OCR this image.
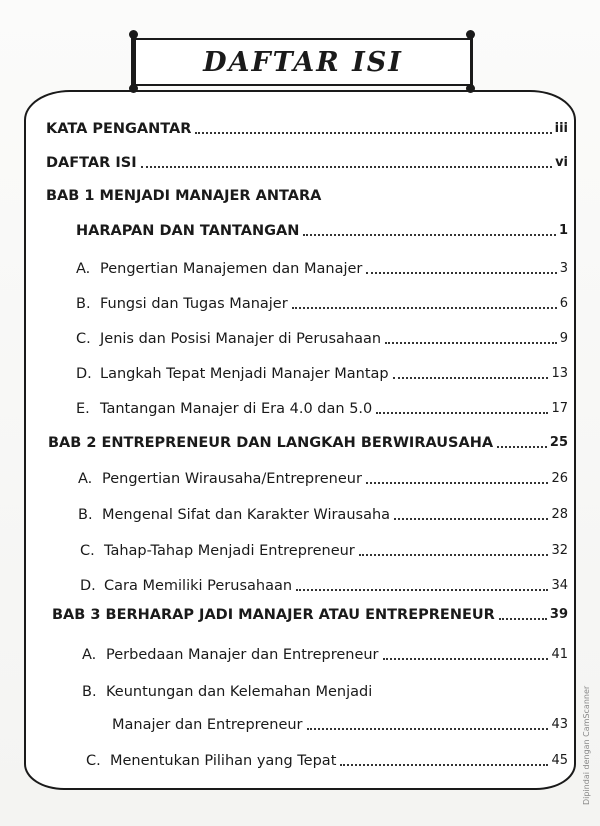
DAFTAR ISI
KATA PENGANTAR	iii
DAFTAR ISI	vi
BAB 1 MENJADI MANAJER ANTARA
HARAPAN DAN TANTANGAN	1
A. Pengertian Manajemen dan Manajer	3
B. Fungsi dan Tugas Manajer	6
C. Jenis dan Posisi Manajer di Perusahaan	9
D. Langkah Tepat Menjadi Manajer Mantap	13
E. Tantangan Manajer di Era 4.0 dan 5.0	17
BAB 2 ENTREPRENEUR DAN LANGKAH BERWIRAUSAHA	25
A. Pengertian Wirausaha/Entrepreneur	26
B. Mengenal Sifat dan Karakter Wirausaha	28
C. Tahap-Tahap Menjadi Entrepreneur	32
D. Cara Memiliki Perusahaan	34
BAB 3 BERHARAP JADI MANAJER ATAU ENTREPRENEUR	39
A. Perbedaan Manajer dan Entrepreneur	41
B. Keuntungan dan Kelemahan Menjadi
Manajer dan Entrepreneur	43
C. Menentukan Pilihan yang Tepat	45 Dipindai dengan CamScanner
